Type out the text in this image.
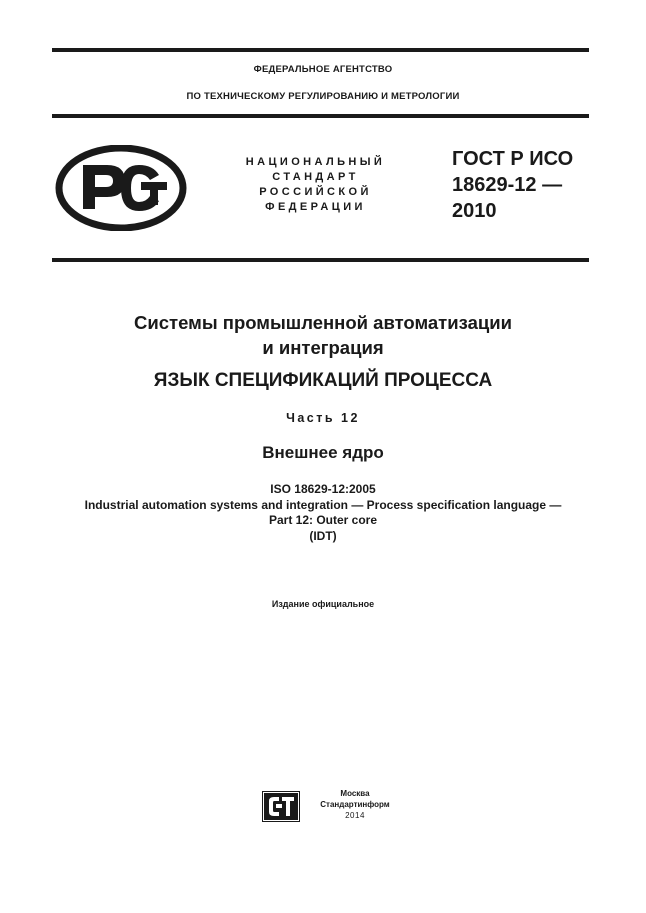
ФЕДЕРАЛЬНОЕ АГЕНТСТВО
ПО ТЕХНИЧЕСКОМУ РЕГУЛИРОВАНИЮ И МЕТРОЛОГИИ
НАЦИОНАЛЬНЫЙ
СТАНДАРТ
РОССИЙСКОЙ
ФЕДЕРАЦИИ
ГОСТ Р ИСО
18629-12 —
2010
Системы промышленной автоматизации
и интеграция
ЯЗЫК СПЕЦИФИКАЦИЙ ПРОЦЕССА
Часть 12
Внешнее ядро
ISO 18629-12:2005
Industrial automation systems and integration — Process specification language —
Part 12: Outer core
(IDT)
Издание официальное
Москва
Стандартинформ
2014
